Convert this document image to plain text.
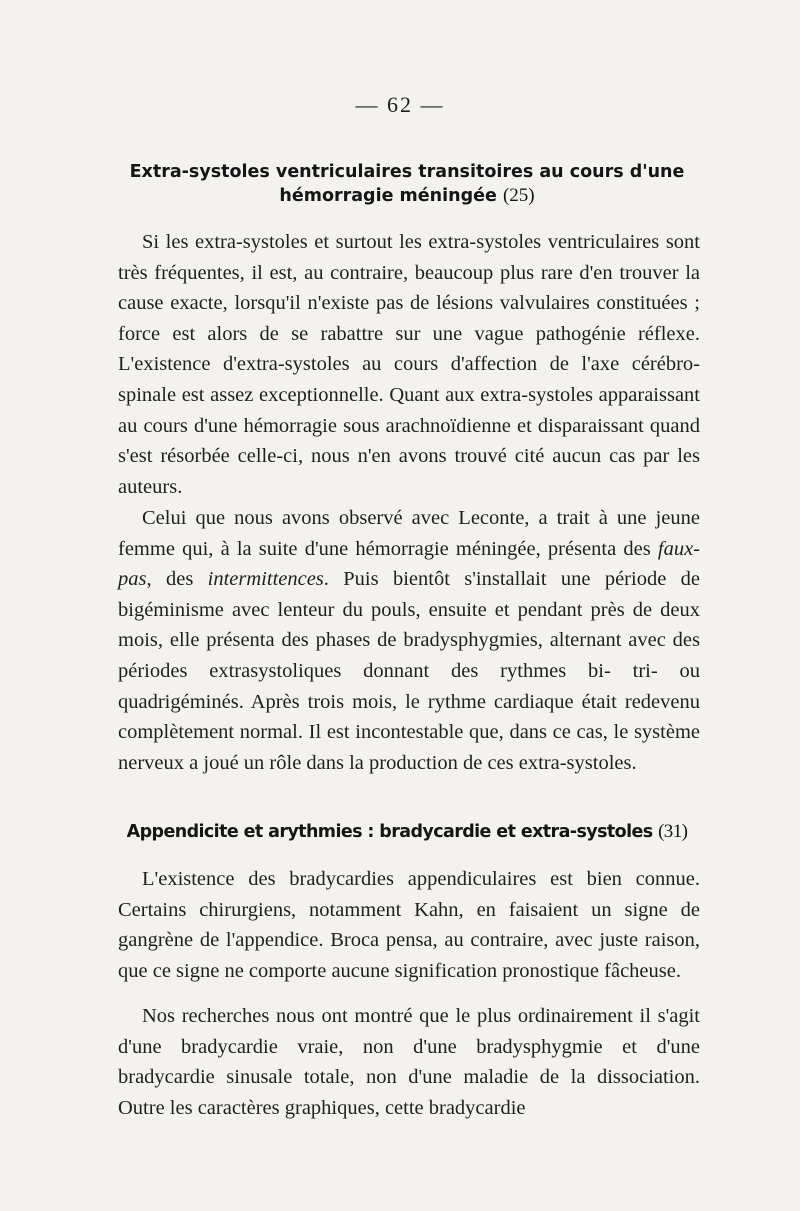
— 62 —
Extra-systoles ventriculaires transitoires au cours d'une
hémorragie méningée (25)

Si les extra-systoles et surtout les extra-systoles ventriculaires sont très fréquentes, il est, au contraire, beaucoup plus rare d'en trouver la cause exacte, lorsqu'il n'existe pas de lésions valvulaires constituées ; force est alors de se rabattre sur une vague pathogénie réflexe. L'existence d'extra-systoles au cours d'affection de l'axe cérébro-spinale est assez exceptionnelle. Quant aux extra-systoles apparaissant au cours d'une hémorragie sous arachnoïdienne et disparaissant quand s'est résorbée celle-ci, nous n'en avons trouvé cité aucun cas par les auteurs.

Celui que nous avons observé avec Leconte, a trait à une jeune femme qui, à la suite d'une hémorragie méningée, présenta des faux-pas, des intermittences. Puis bientôt s'installait une période de bigéminisme avec lenteur du pouls, ensuite et pendant près de deux mois, elle présenta des phases de bradysphygmies, alternant avec des périodes extrasystoliques donnant des rythmes bi- tri- ou quadrigéminés. Après trois mois, le rythme cardiaque était redevenu complètement normal. Il est incontestable que, dans ce cas, le système nerveux a joué un rôle dans la production de ces extra-systoles.

Appendicite et arythmies : bradycardie et extra-systoles (31)

L'existence des bradycardies appendiculaires est bien connue. Certains chirurgiens, notamment Kahn, en faisaient un signe de gangrène de l'appendice. Broca pensa, au contraire, avec juste raison, que ce signe ne comporte aucune signification pronostique fâcheuse.

Nos recherches nous ont montré que le plus ordinairement il s'agit d'une bradycardie vraie, non d'une bradysphygmie et d'une bradycardie sinusale totale, non d'une maladie de la dissociation. Outre les caractères graphiques, cette bradycardie
